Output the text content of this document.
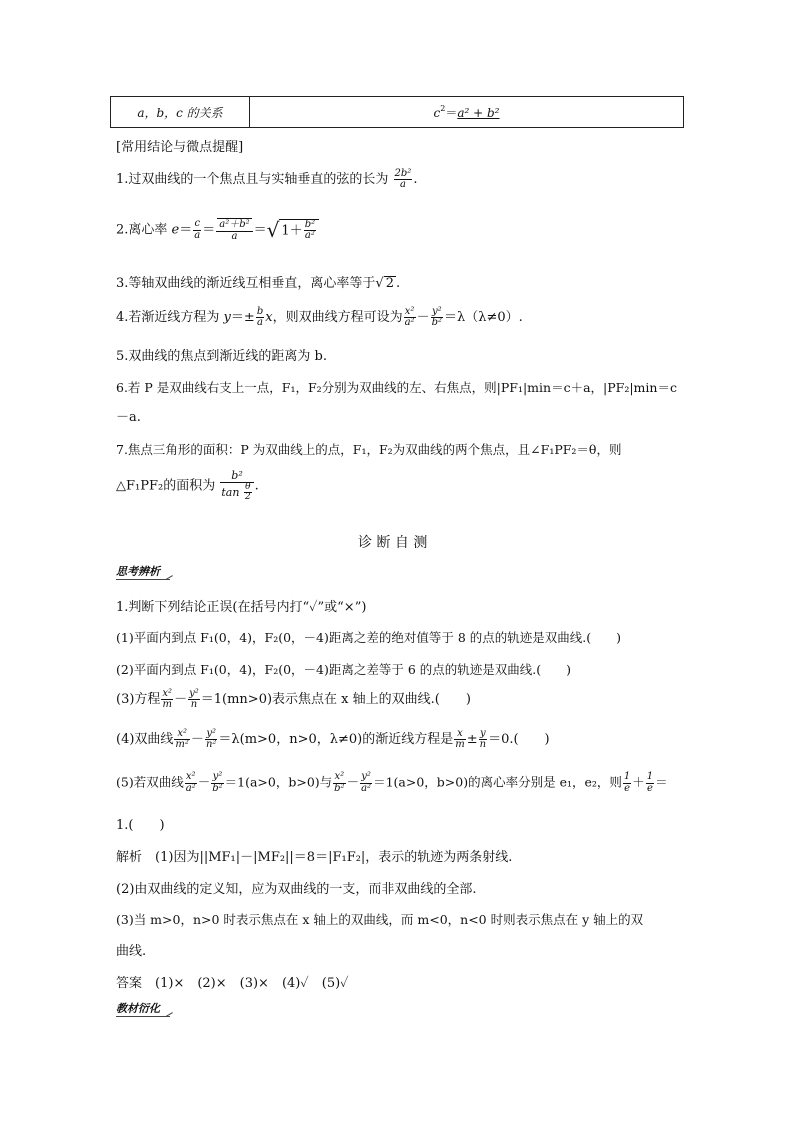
a，b，c 的关系	$c^2=a^2 + b^2$
[常用结论与微点提醒]
1.过双曲线的一个焦点且与实轴垂直的弦的长为 $\frac{\text{2b²}}{a}$ .
2.离心率 $e= \frac{c}{a} = \frac{\text{a²＋b²}}{a}$ ＝√ $1+ \frac{\text{b²}}{\text{a²}}$
3.等轴双曲线的渐近线互相垂直，离心率等于√ 2 .
4.若渐近线方程为 $y=\pm \frac{b}{a}$ x，则双曲线方程可设为 $\frac{\text{x²}}{\text{a²}} - \frac{\text{y²}}{\text{b²}} =\lambda(\lambda\ne 0)$.
5.双曲线的焦点到渐近线的距离为 b.
6.若 P 是双曲线右支上一点，F₁，F₂分别为双曲线的左、右焦点，则|PF₁|min＝c＋a，|PF₂|min＝c
－a.
7.焦点三角形的面积：P 为双曲线上的点，F₁，F₂为双曲线的两个焦点，且∠F₁PF₂＝θ，则
△F₁PF₂的面积为 $\frac{\text{b²}}{\tan \frac{\theta}{2}}$ .
诊 断 自 测
思考辨析
1.判断下列结论正误(在括号内打“✓”或“×”)
(1)平面内到点 F₁(0，4)，F₂(0，－4)距离之差的绝对值等于 8 的点的轨迹是双曲线.(　　)
(2)平面内到点 F₁(0，4)，F₂(0，－4)距离之差等于 6 的点的轨迹是双曲线.(　　)
(3)方程 $\frac{\text{x²}}{m} - \frac{\text{y²}}{n} =1(mn>0)$表示焦点在 x 轴上的双曲线.(　　)
(4)双曲线 $\frac{\text{x²}}{\text{m²}} - \frac{\text{y²}}{\text{n²}} =\lambda(m>0$，n>0，λ≠0)的渐近线方程是 $\frac{x}{m} \pm \frac{y}{n} =0$.(　　)
(5)若双曲线 $\frac{\text{x²}}{\text{a²}} - \frac{\text{y²}}{\text{b²}} =1(a>0$，b>0)与 $\frac{\text{x²}}{\text{b²}} - \frac{\text{y²}}{\text{a²}} =1(a>0$，b>0)的离心率分别是 e₁，e₂，则 $\frac{1}{e} + \frac{1}{e}$ ＝
1.(　　)
解析　 (1)因为||MF₁|－|MF₂||＝8＝|F₁F₂|，表示的轨迹为两条射线.
(2)由双曲线的定义知，应为双曲线的一支，而非双曲线的全部.
(3)当 m>0，n>0 时表示焦点在 x 轴上的双曲线，而 m<0，n<0 时则表示焦点在 y 轴上的双
曲线.
答案　 (1)×　(2)×　(3)×　(4)✓　(5)✓
教材衍化
